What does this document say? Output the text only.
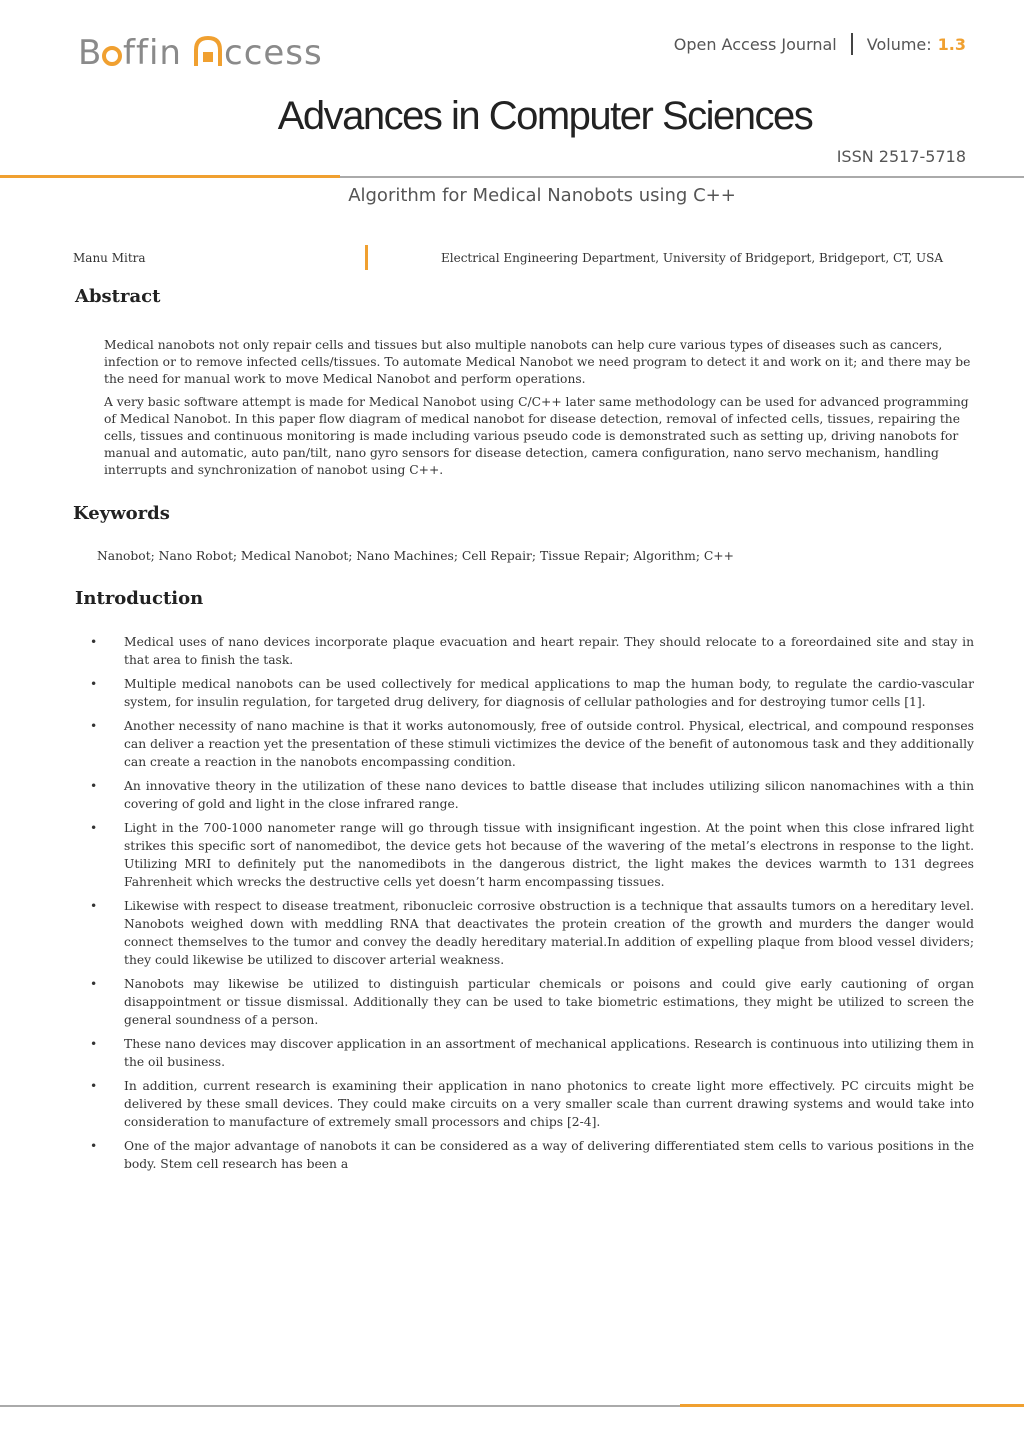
B ffin ccess	Open Access Journal Volume: 1.3
Advances in Computer Sciences
ISSN 2517-5718
Algorithm for Medical Nanobots using C++
Manu Mitra	Electrical Engineering Department, University of Bridgeport, Bridgeport, CT, USA
Abstract

Medical nanobots not only repair cells and tissues but also multiple nanobots can help cure various types of diseases such as cancers, infection or to remove infected cells/tissues. To automate Medical Nanobot we need program to detect it and work on it; and there may be the need for manual work to move Medical Nanobot and perform operations.

A very basic software attempt is made for Medical Nanobot using C/C++ later same methodology can be used for advanced programming of Medical Nanobot. In this paper flow diagram of medical nanobot for disease detection, removal of infected cells, tissues, repairing the cells, tissues and continuous monitoring is made including various pseudo code is demonstrated such as setting up, driving nanobots for manual and automatic, auto pan/tilt, nano gyro sensors for disease detection, camera configuration, nano servo mechanism, handling interrupts and synchronization of nanobot using C++.

Keywords
Nanobot; Nano Robot; Medical Nanobot; Nano Machines; Cell Repair; Tissue Repair; Algorithm; C++
Introduction
• Medical uses of nano devices incorporate plaque evacuation and heart repair. They should relocate to a foreordained site and stay in that area to finish the task.
• Multiple medical nanobots can be used collectively for medical applications to map the human body, to regulate the cardio-vascular system, for insulin regulation, for targeted drug delivery, for diagnosis of cellular pathologies and for destroying tumor cells [1].
• Another necessity of nano machine is that it works autonomously, free of outside control. Physical, electrical, and compound responses can deliver a reaction yet the presentation of these stimuli victimizes the device of the benefit of autonomous task and they additionally can create a reaction in the nanobots encompassing condition.
• An innovative theory in the utilization of these nano devices to battle disease that includes utilizing silicon nanomachines with a thin covering of gold and light in the close infrared range.
• Light in the 700-1000 nanometer range will go through tissue with insignificant ingestion. At the point when this close infrared light strikes this specific sort of nanomedibot, the device gets hot because of the wavering of the metal’s electrons in response to the light. Utilizing MRI to definitely put the nanomedibots in the dangerous district, the light makes the devices warmth to 131 degrees Fahrenheit which wrecks the destructive cells yet doesn’t harm encompassing tissues.
• Likewise with respect to disease treatment, ribonucleic corrosive obstruction is a technique that assaults tumors on a hereditary level. Nanobots weighed down with meddling RNA that deactivates the protein creation of the growth and murders the danger would connect themselves to the tumor and convey the deadly hereditary material.In addition of expelling plaque from blood vessel dividers; they could likewise be utilized to discover arterial weakness.
• Nanobots may likewise be utilized to distinguish particular chemicals or poisons and could give early cautioning of organ disappointment or tissue dismissal. Additionally they can be used to take biometric estimations, they might be utilized to screen the general soundness of a person.
• These nano devices may discover application in an assortment of mechanical applications. Research is continuous into utilizing them in the oil business.
• In addition, current research is examining their application in nano photonics to create light more effectively. PC circuits might be delivered by these small devices. They could make circuits on a very smaller scale than current drawing systems and would take into consideration to manufacture of extremely small processors and chips [2-4].
• One of the major advantage of nanobots it can be considered as a way of delivering differentiated stem cells to various positions in the body. Stem cell research has been a
